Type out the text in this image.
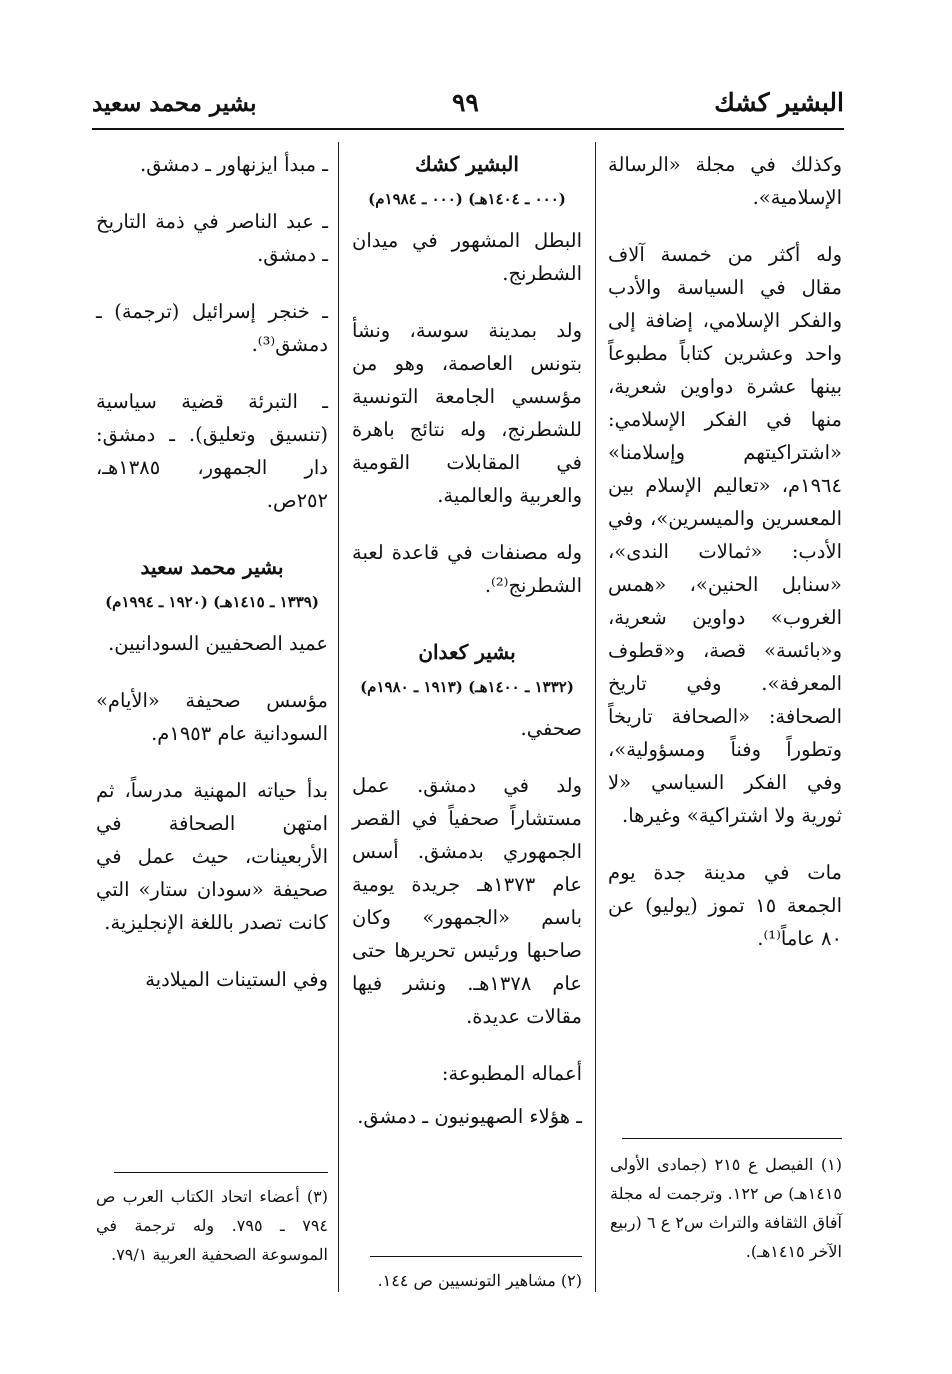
البشير كشك
٩٩
بشير محمد سعيد

وكذلك في مجلة «الرسالة الإسلامية».

وله أكثر من خمسة آلاف مقال في السياسة والأدب والفكر الإسلامي، إضافة إلى واحد وعشرين كتاباً مطبوعاً بينها عشرة دواوين شعرية، منها في الفكر الإسلامي: «اشتراكيتهم وإسلامنا» ١٩٦٤م، «تعاليم الإسلام بين المعسرين والميسرين»، وفي الأدب: «ثمالات الندى»، «سنابل الحنين»، «همس الغروب» دواوين شعرية، و«بائسة» قصة، و«قطوف المعرفة». وفي تاريخ الصحافة: «الصحافة تاريخاً وتطوراً وفناً ومسؤولية»، وفي الفكر السياسي «لا ثورية ولا اشتراكية» وغيرها.

مات في مدينة جدة يوم الجمعة ١٥ تموز (يوليو) عن ٨٠ عاماً⁽¹⁾.

(١) الفيصل ع ٢١٥ (جمادى الأولى ١٤١٥هـ) ص ١٢٢. وترجمت له مجلة آفاق الثقافة والتراث س٢ ع ٦ (ربيع الآخر ١٤١٥هـ).
البشير كشك
(٠٠٠ ـ ١٤٠٤هـ) (٠٠٠ ـ ١٩٨٤م)

البطل المشهور في ميدان الشطرنج.

ولد بمدينة سوسة، ونشأ بتونس العاصمة، وهو من مؤسسي الجامعة التونسية للشطرنج، وله نتائج باهرة في المقابلات القومية والعربية والعالمية.

وله مصنفات في قاعدة لعبة الشطرنج⁽²⁾.

بشير كعدان
(١٣٣٢ ـ ١٤٠٠هـ) (١٩١٣ ـ ١٩٨٠م)

صحفي.

ولد في دمشق. عمل مستشاراً صحفياً في القصر الجمهوري بدمشق. أسس عام ١٣٧٣هـ جريدة يومية باسم «الجمهور» وكان صاحبها ورئيس تحريرها حتى عام ١٣٧٨هـ. ونشر فيها مقالات عديدة.

أعماله المطبوعة:

ـ هؤلاء الصهيونيون ـ دمشق.

(٢) مشاهير التونسيين ص ١٤٤.

ـ مبدأ ايزنهاور ـ دمشق.

ـ عبد الناصر في ذمة التاريخ ـ دمشق.

ـ خنجر إسرائيل (ترجمة) ـ دمشق⁽³⁾.

ـ التبرئة قضية سياسية (تنسيق وتعليق). ـ دمشق: دار الجمهور، ١٣٨٥هـ، ٢٥٢ص.

بشير محمد سعيد
(١٣٣٩ ـ ١٤١٥هـ) (١٩٢٠ ـ ١٩٩٤م)

عميد الصحفيين السودانيين.

مؤسس صحيفة «الأيام» السودانية عام ١٩٥٣م.

بدأ حياته المهنية مدرساً، ثم امتهن الصحافة في الأربعينات، حيث عمل في صحيفة «سودان ستار» التي كانت تصدر باللغة الإنجليزية.

وفي الستينات الميلادية

(٣) أعضاء اتحاد الكتاب العرب ص ٧٩٤ ـ ٧٩٥. وله ترجمة في الموسوعة الصحفية العربية ٧٩/١.
